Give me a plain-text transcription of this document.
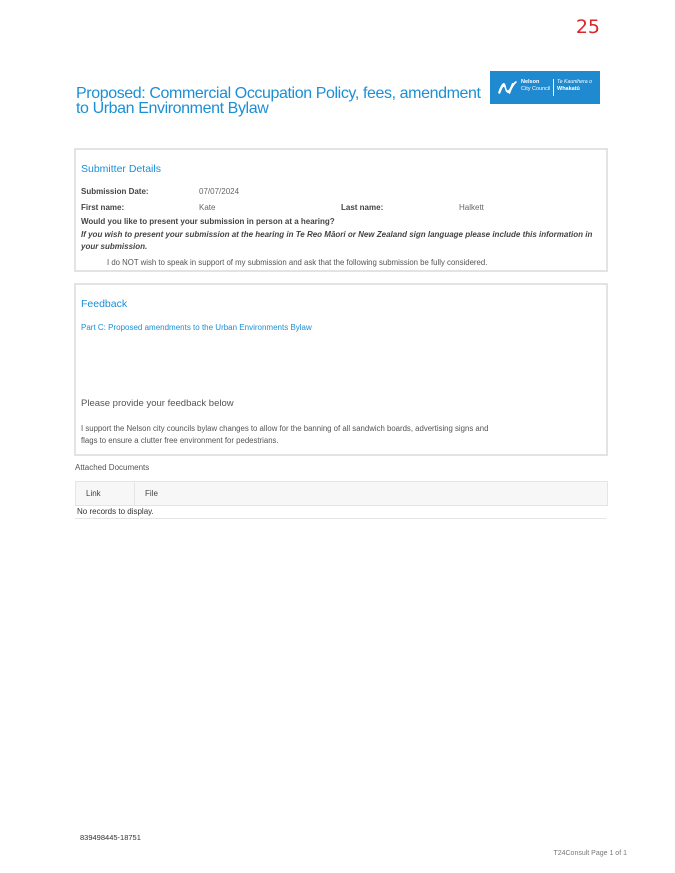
25
Proposed: Commercial Occupation Policy, fees, amendment to Urban Environment Bylaw
Nelson
City Council
Te Kaunihera o
Whakatū
Submitter Details
Submission Date:	07/07/2024
First name:	Kate	Last name:	Halkett
Would you like to present your submission in person at a hearing?
If you wish to present your submission at the hearing in Te Reo Māori or New Zealand sign language please include this information in your submission.
I do NOT wish to speak in support of my submission and ask that the following submission be fully considered.
Feedback
Part C: Proposed amendments to the Urban Environments Bylaw
Please provide your feedback below
I support the Nelson city councils bylaw changes to allow for the banning of all sandwich boards, advertising signs and
flags to ensure a clutter free environment for pedestrians.
Attached Documents
Link	File
No records to display.
839498445-18751
T24Consult Page 1 of 1
